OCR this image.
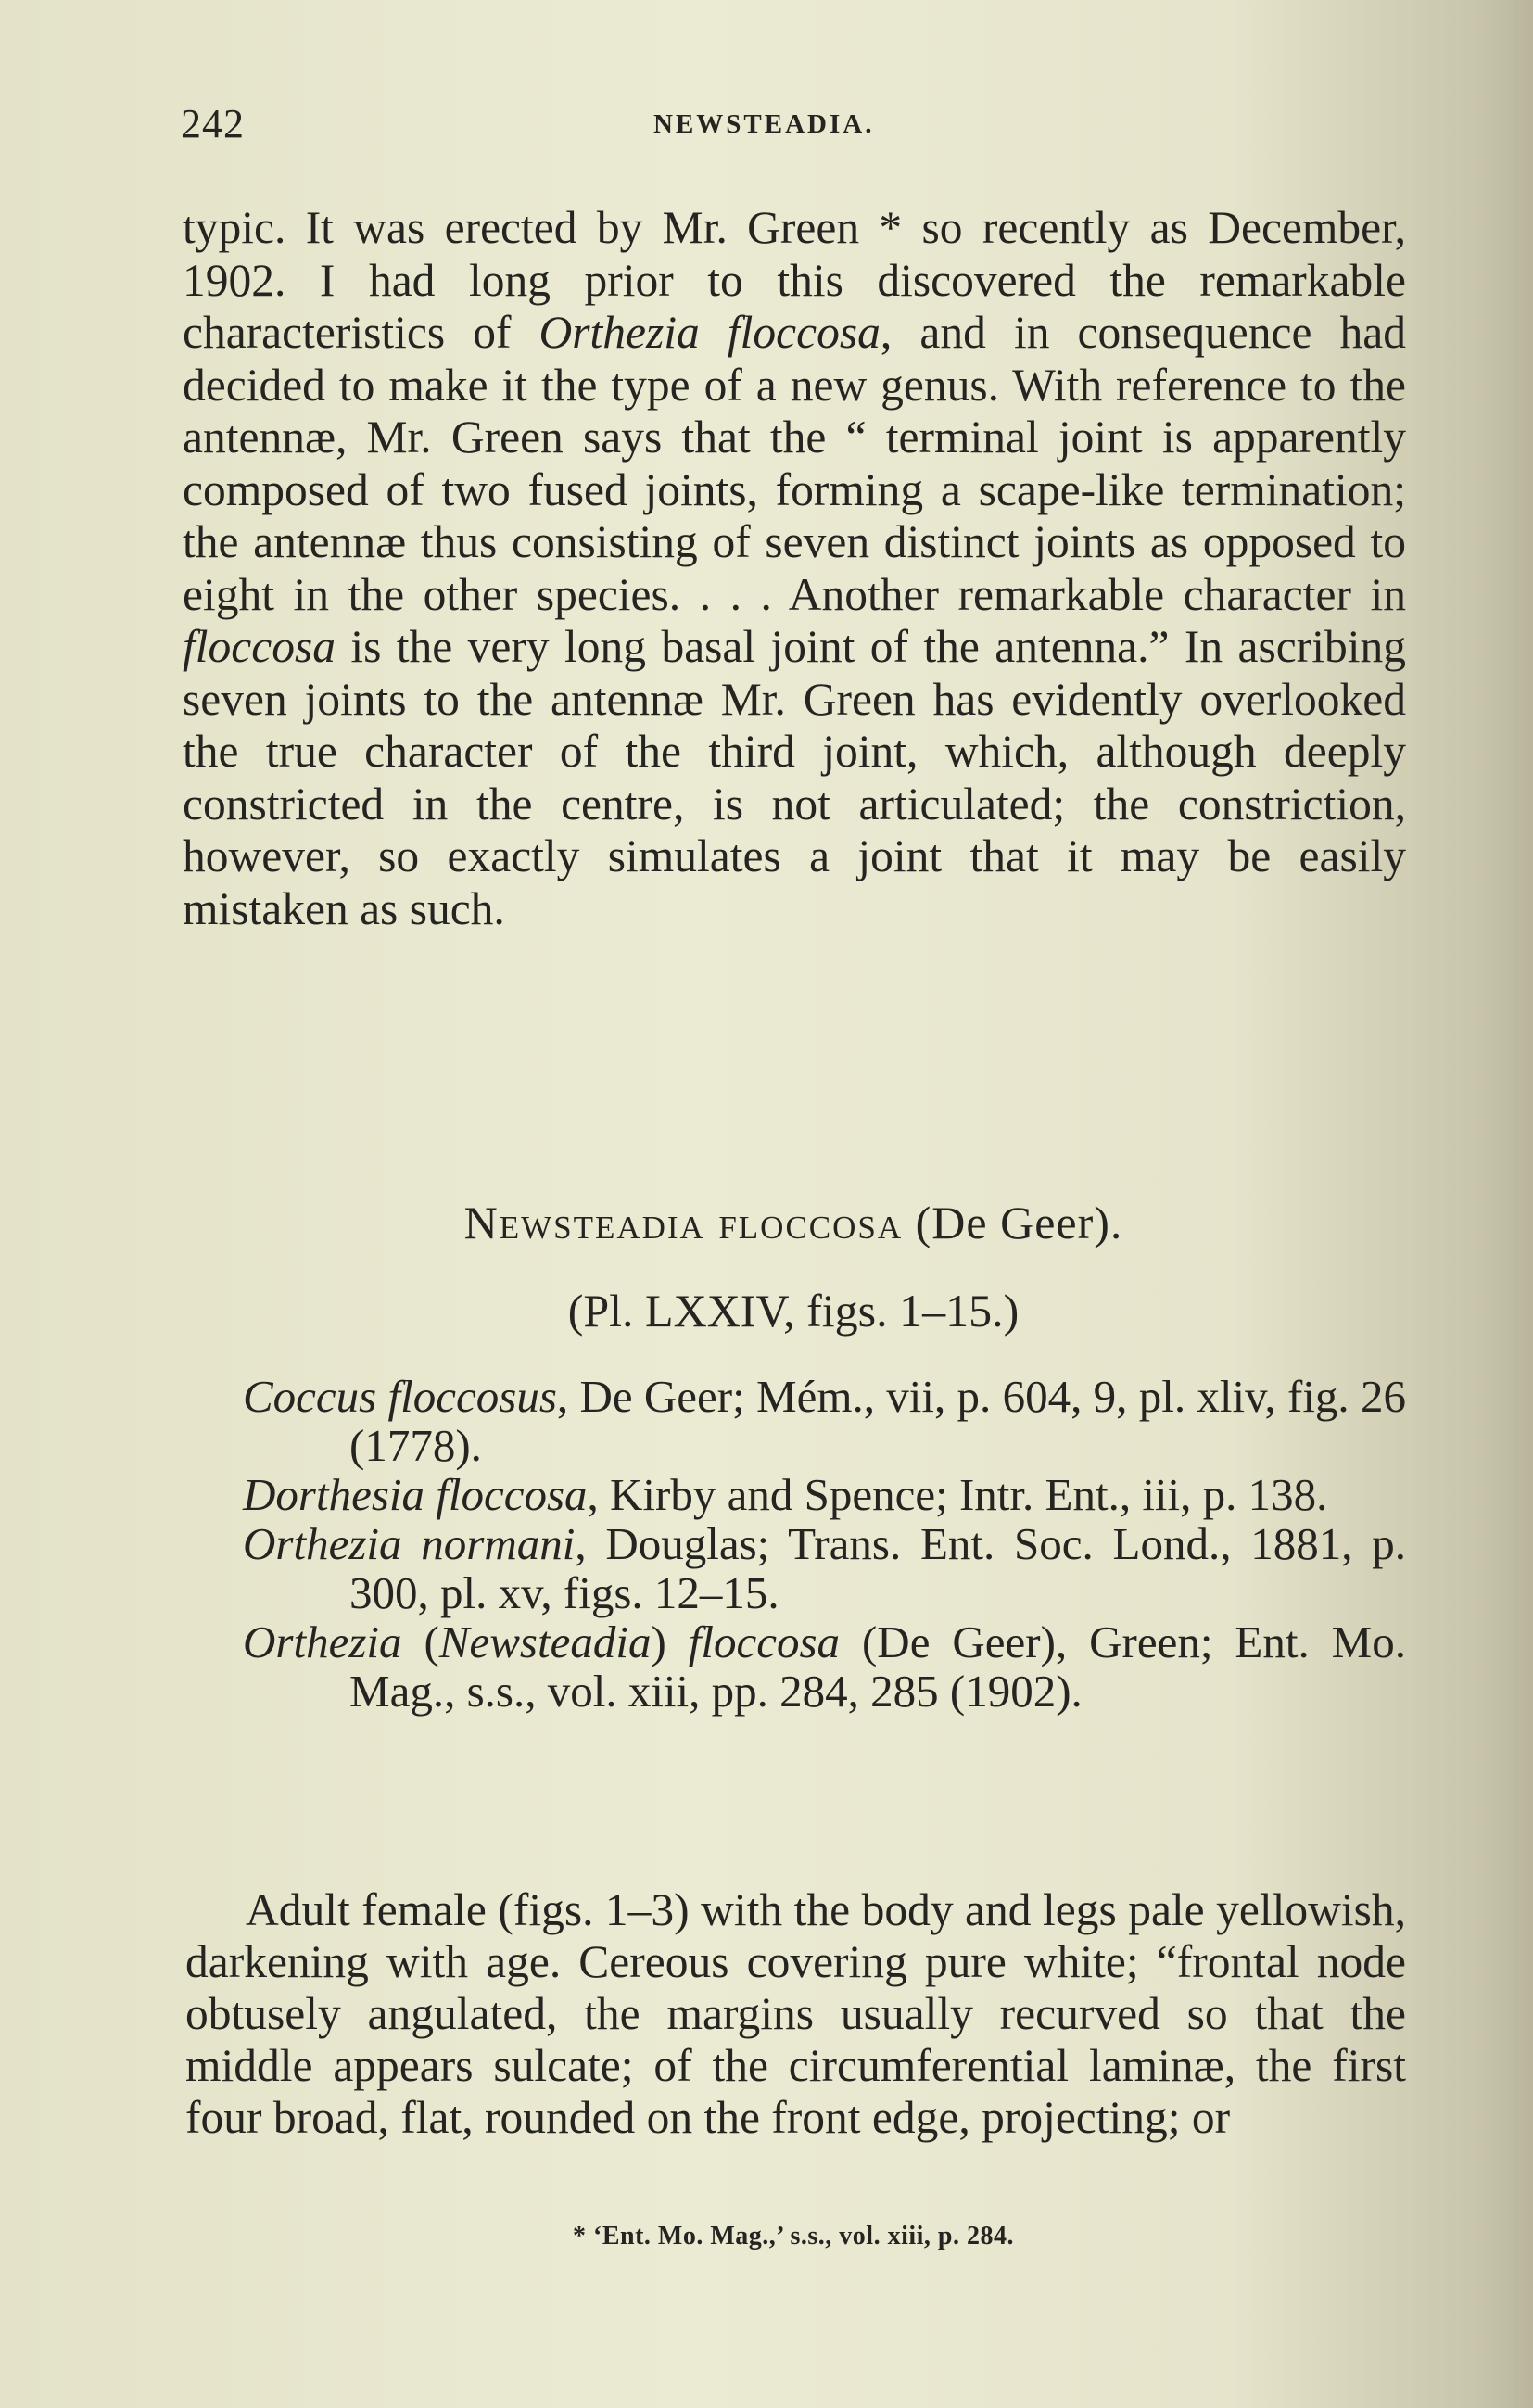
242	NEWSTEADIA.

typic. It was erected by Mr. Green * so recently as December, 1902. I had long prior to this discovered the remarkable characteristics of Orthezia floccosa, and in consequence had decided to make it the type of a new genus. With reference to the antennæ, Mr. Green says that the “ terminal joint is apparently composed of two fused joints, forming a scape-like termination; the antennæ thus consisting of seven distinct joints as opposed to eight in the other species. . . . Another remarkable character in floccosa is the very long basal joint of the antenna.” In ascribing seven joints to the antennæ Mr. Green has evidently overlooked the true character of the third joint, which, although deeply constricted in the centre, is not articulated; the constriction, however, so exactly simulates a joint that it may be easily mistaken as such.

Newsteadia floccosa (De Geer).
(Pl. LXXIV, figs. 1–15.)
Coccus floccosus, De Geer; Mém., vii, p. 604, 9, pl. xliv, fig. 26 (1778).
Dorthesia floccosa, Kirby and Spence; Intr. Ent., iii, p. 138.
Orthezia normani, Douglas; Trans. Ent. Soc. Lond., 1881, p. 300, pl. xv, figs. 12–15.
Orthezia (Newsteadia) floccosa (De Geer), Green; Ent. Mo. Mag., s.s., vol. xiii, pp. 284, 285 (1902).

Adult female (figs. 1–3) with the body and legs pale yellowish, darkening with age. Cereous covering pure white; “frontal node obtusely angulated, the margins usually recurved so that the middle appears sulcate; of the circumferential laminæ, the first four broad, flat, rounded on the front edge, projecting; or

* ‘Ent. Mo. Mag.,’ s.s., vol. xiii, p. 284.
